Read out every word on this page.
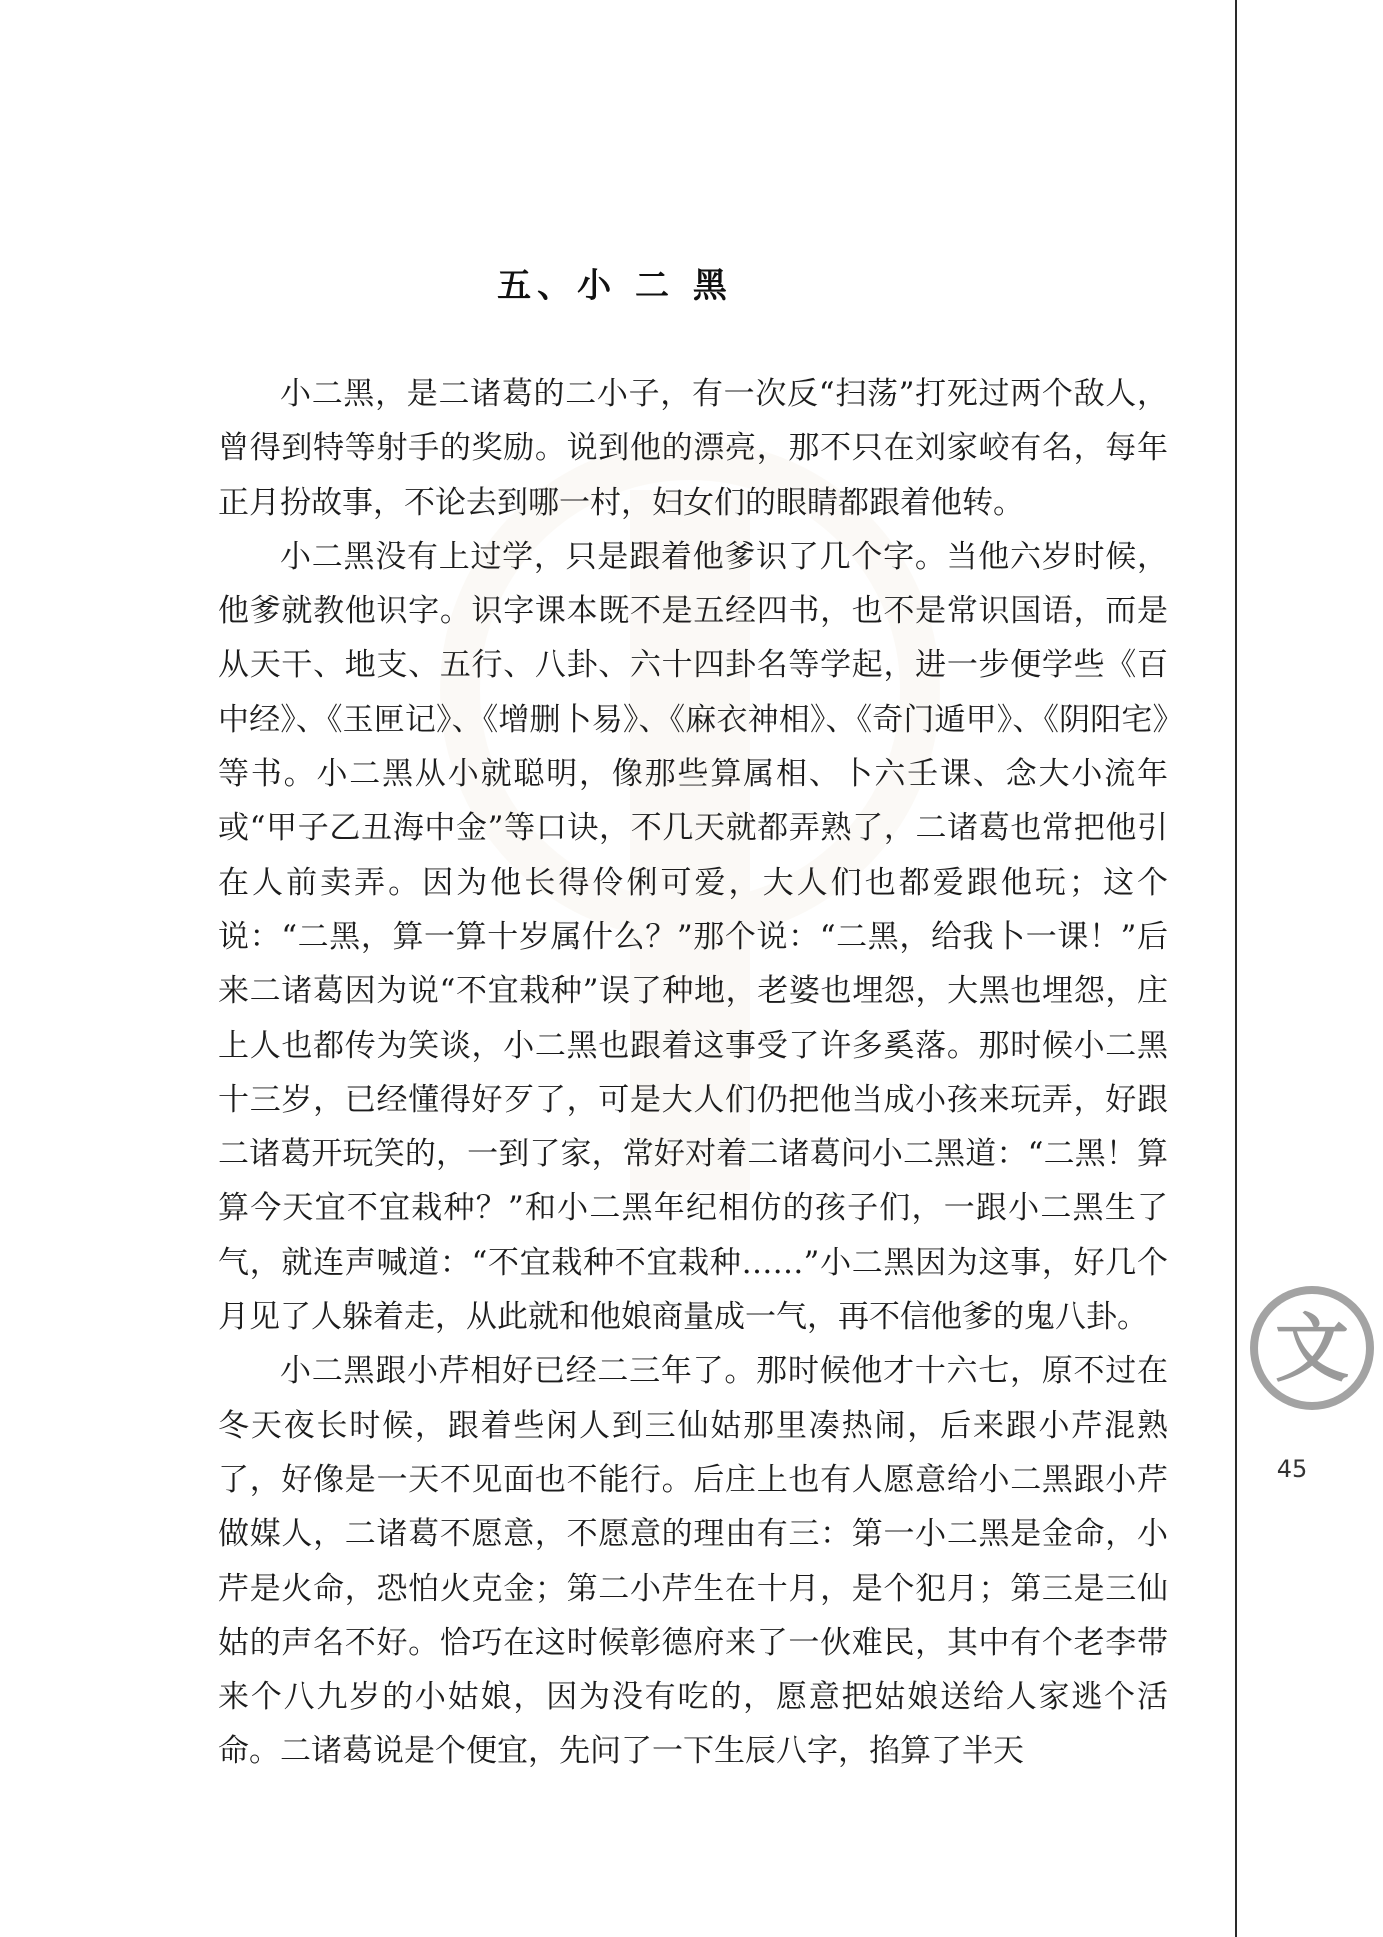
五、小 二 黑

小二黑，是二诸葛的二小子，有一次反“扫荡”打死过两个敌人，曾得到特等射手的奖励。说到他的漂亮，那不只在刘家峧有名，每年正月扮故事，不论去到哪一村，妇女们的眼睛都跟着他转。

小二黑没有上过学，只是跟着他爹识了几个字。当他六岁时候，他爹就教他识字。识字课本既不是五经四书，也不是常识国语，而是从天干、地支、五行、八卦、六十四卦名等学起，进一步便学些《百中经》、《玉匣记》、《增删卜易》、《麻衣神相》、《奇门遁甲》、《阴阳宅》等书。小二黑从小就聪明，像那些算属相、卜六壬课、念大小流年或“甲子乙丑海中金”等口诀，不几天就都弄熟了，二诸葛也常把他引在人前卖弄。因为他长得伶俐可爱，大人们也都爱跟他玩；这个说：“二黑，算一算十岁属什么？”那个说：“二黑，给我卜一课！”后来二诸葛因为说“不宜栽种”误了种地，老婆也埋怨，大黑也埋怨，庄上人也都传为笑谈，小二黑也跟着这事受了许多奚落。那时候小二黑十三岁，已经懂得好歹了，可是大人们仍把他当成小孩来玩弄，好跟二诸葛开玩笑的，一到了家，常好对着二诸葛问小二黑道：“二黑！算算今天宜不宜栽种？”和小二黑年纪相仿的孩子们，一跟小二黑生了气，就连声喊道：“不宜栽种不宜栽种……”小二黑因为这事，好几个月见了人躲着走，从此就和他娘商量成一气，再不信他爹的鬼八卦。

小二黑跟小芹相好已经二三年了。那时候他才十六七，原不过在冬天夜长时候，跟着些闲人到三仙姑那里凑热闹，后来跟小芹混熟了，好像是一天不见面也不能行。后庄上也有人愿意给小二黑跟小芹做媒人，二诸葛不愿意，不愿意的理由有三：第一小二黑是金命，小芹是火命，恐怕火克金；第二小芹生在十月，是个犯月；第三是三仙姑的声名不好。恰巧在这时候彰德府来了一伙难民，其中有个老李带来个八九岁的小姑娘，因为没有吃的，愿意把姑娘送给人家逃个活命。二诸葛说是个便宜，先问了一下生辰八字，掐算了半天

文
45
